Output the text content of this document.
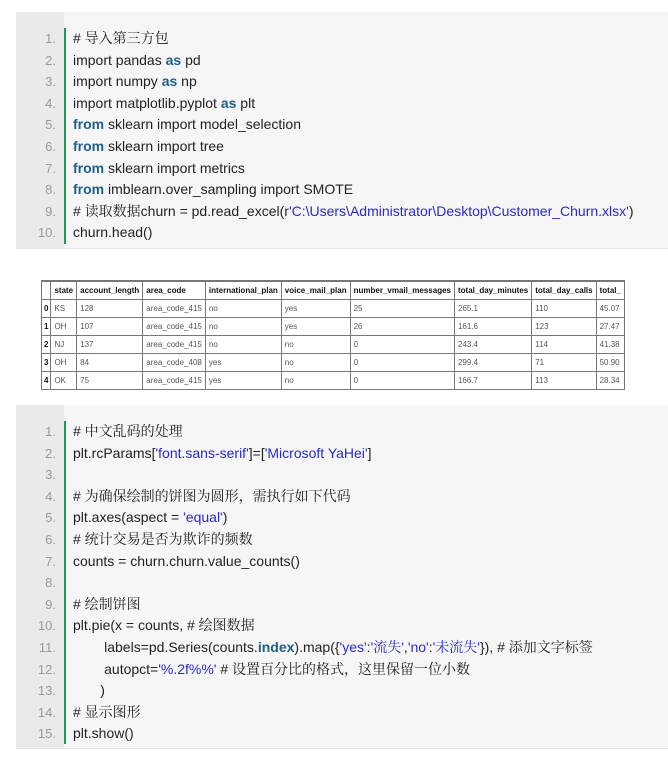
1. # 导入第三方包
2. import pandas as pd
3. import numpy as np
4. import matplotlib.pyplot as plt
5. from sklearn import model_selection
6. from sklearn import tree
7. from sklearn import metrics
8. from imblearn.over_sampling import SMOTE
9. # 读取数据churn = pd.read_excel(r'C:\Users\Administrator\Desktop\Customer_Churn.xlsx')
10. churn.head()
	state	account_length	area_code	international_plan	voice_mail_plan	number_vmail_messages	total_day_minutes	total_day_calls	total_
0	KS	128	area_code_415	no	yes	25	265.1	110	45.07
1	OH	107	area_code_415	no	yes	26	161.6	123	27.47
2	NJ	137	area_code_415	no	no	0	243.4	114	41.38
3	OH	84	area_code_408	yes	no	0	299.4	71	50.90
4	OK	75	area_code_415	yes	no	0	166.7	113	28.34
1. # 中文乱码的处理
2. plt.rcParams['font.sans-serif']=['Microsoft YaHei']
3.
4. # 为确保绘制的饼图为圆形，需执行如下代码
5. plt.axes(aspect = 'equal')
6. # 统计交易是否为欺诈的频数
7. counts = churn.churn.value_counts()
8.
9. # 绘制饼图
10. plt.pie(x = counts, # 绘图数据
11. labels=pd.Series(counts.index).map({'yes':'流失','no':'未流失'}), # 添加文字标签
12. autopct='%.2f%%' # 设置百分比的格式，这里保留一位小数
13. )
14. # 显示图形
15. plt.show()
